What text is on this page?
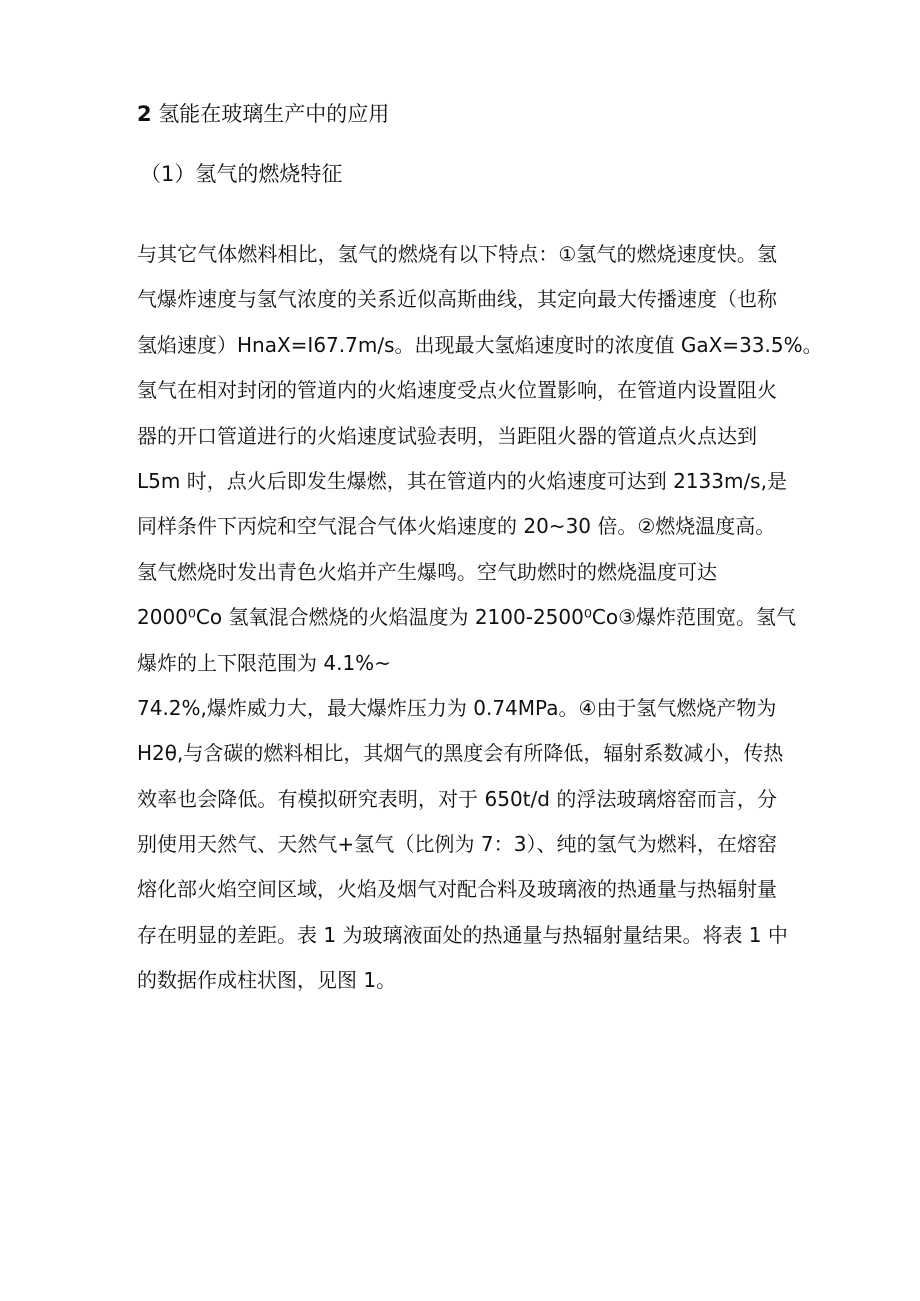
2 氢能在玻璃生产中的应用
（1）氢气的燃烧特征
与其它气体燃料相比，氢气的燃烧有以下特点：①氢气的燃烧速度快。氢
气爆炸速度与氢气浓度的关系近似高斯曲线，其定向最大传播速度（也称
氢焰速度）HnaX=I67.7m∕s。出现最大氢焰速度时的浓度值 GaX=33.5%。
氢气在相对封闭的管道内的火焰速度受点火位置影响，在管道内设置阻火
器的开口管道进行的火焰速度试验表明，当距阻火器的管道点火点达到
L5m 时，点火后即发生爆燃，其在管道内的火焰速度可达到 2133m∕s,是
同样条件下丙烷和空气混合气体火焰速度的 20~30 倍。②燃烧温度高。
氢气燃烧时发出青色火焰并产生爆鸣。空气助燃时的燃烧温度可达
2000⁰Co 氢氧混合燃烧的火焰温度为 2100-2500⁰Co③爆炸范围宽。氢气
爆炸的上下限范围为 4.1%~
74.2%,爆炸威力大，最大爆炸压力为 0.74MPa。④由于氢气燃烧产物为
H2θ,与含碳的燃料相比，其烟气的黑度会有所降低，辐射系数减小，传热
效率也会降低。有模拟研究表明，对于 650t/d 的浮法玻璃熔窑而言，分
别使用天然气、天然气+氢气（比例为 7：3）、纯的氢气为燃料，在熔窑
熔化部火焰空间区域，火焰及烟气对配合料及玻璃液的热通量与热辐射量
存在明显的差距。表 1 为玻璃液面处的热通量与热辐射量结果。将表 1 中
的数据作成柱状图，见图 1。
